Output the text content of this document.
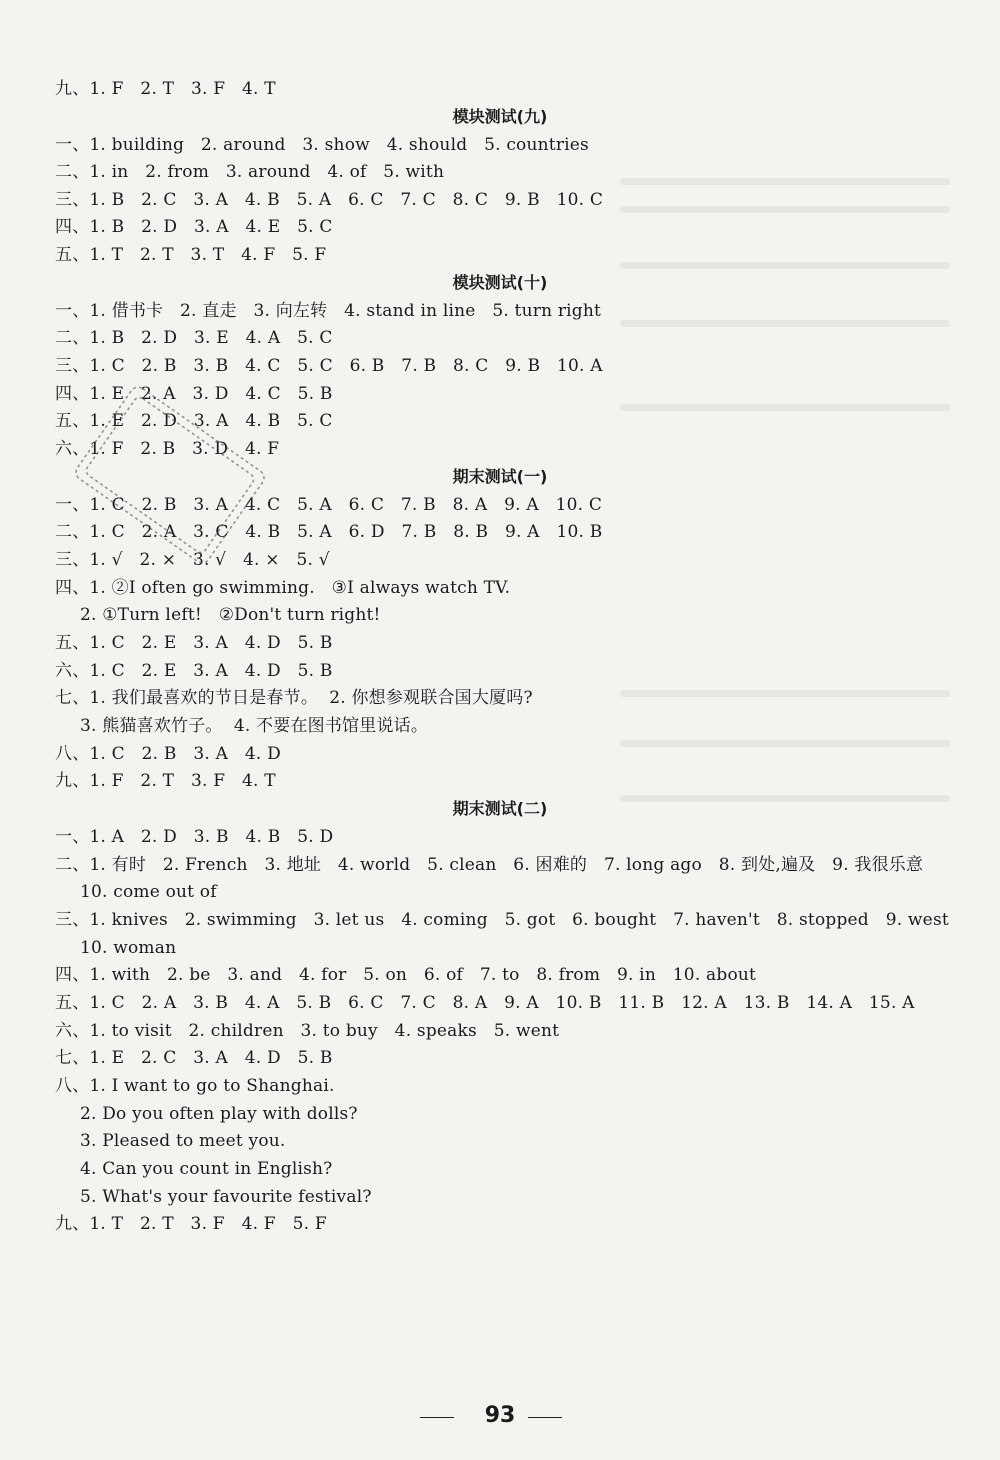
九、1. F   2. T   3. F   4. T
模块测试(九)
一、1. building   2. around   3. show   4. should   5. countries
二、1. in   2. from   3. around   4. of   5. with
三、1. B   2. C   3. A   4. B   5. A   6. C   7. C   8. C   9. B   10. C
四、1. B   2. D   3. A   4. E   5. C
五、1. T   2. T   3. T   4. F   5. F
模块测试(十)
一、1. 借书卡   2. 直走   3. 向左转   4. stand in line   5. turn right
二、1. B   2. D   3. E   4. A   5. C
三、1. C   2. B   3. B   4. C   5. C   6. B   7. B   8. C   9. B   10. A
四、1. E   2. A   3. D   4. C   5. B
五、1. E   2. D   3. A   4. B   5. C
六、1. F   2. B   3. D   4. F
期末测试(一)
一、1. C   2. B   3. A   4. C   5. A   6. C   7. B   8. A   9. A   10. C
二、1. C   2. A   3. C   4. B   5. A   6. D   7. B   8. B   9. A   10. B
三、1. √   2. ×   3. √   4. ×   5. √
四、1. ②I often go swimming.   ③I always watch TV.
2. ①Turn left!   ②Don't turn right!
五、1. C   2. E   3. A   4. D   5. B
六、1. C   2. E   3. A   4. D   5. B
七、1. 我们最喜欢的节日是春节。  2. 你想参观联合国大厦吗?
3. 熊猫喜欢竹子。  4. 不要在图书馆里说话。
八、1. C   2. B   3. A   4. D
九、1. F   2. T   3. F   4. T
期末测试(二)
一、1. A   2. D   3. B   4. B   5. D
二、1. 有时   2. French   3. 地址   4. world   5. clean   6. 困难的   7. long ago   8. 到处,遍及   9. 我很乐意
10. come out of
三、1. knives   2. swimming   3. let us   4. coming   5. got   6. bought   7. haven't   8. stopped   9. west
10. woman
四、1. with   2. be   3. and   4. for   5. on   6. of   7. to   8. from   9. in   10. about
五、1. C   2. A   3. B   4. A   5. B   6. C   7. C   8. A   9. A   10. B   11. B   12. A   13. B   14. A   15. A
六、1. to visit   2. children   3. to buy   4. speaks   5. went
七、1. E   2. C   3. A   4. D   5. B
八、1. I want to go to Shanghai.
2. Do you often play with dolls?
3. Pleased to meet you.
4. Can you count in English?
5. What's your favourite festival?
九、1. T   2. T   3. F   4. F   5. F
93
